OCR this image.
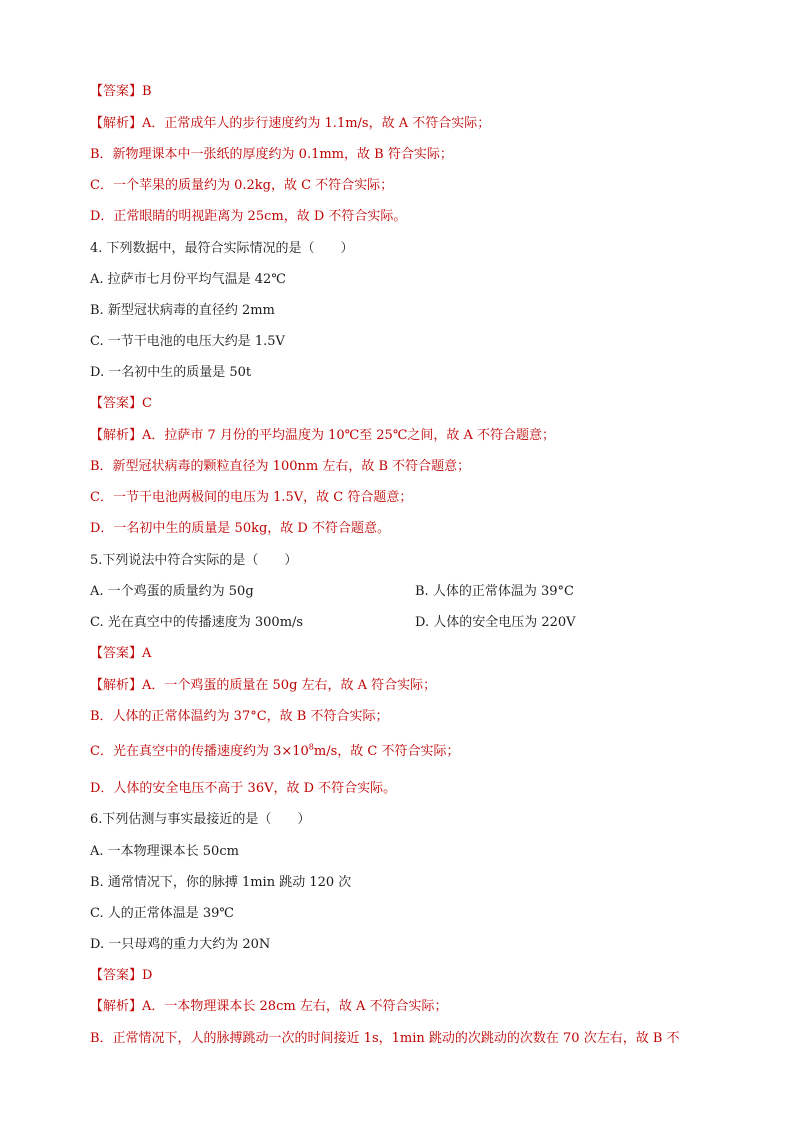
【答案】B
【解析】A．正常成年人的步行速度约为 1.1m/s，故 A 不符合实际；
B．新物理课本中一张纸的厚度约为 0.1mm，故 B 符合实际；
C．一个苹果的质量约为 0.2kg，故 C 不符合实际；
D．正常眼睛的明视距离为 25cm，故 D 不符合实际。
4. 下列数据中，最符合实际情况的是（　　）
A. 拉萨市七月份平均气温是 42℃
B. 新型冠状病毒的直径约 2mm
C. 一节干电池的电压大约是 1.5V
D. 一名初中生的质量是 50t
【答案】C
【解析】A．拉萨市 7 月份的平均温度为 10℃至 25℃之间，故 A 不符合题意；
B．新型冠状病毒的颗粒直径为 100nm 左右，故 B 不符合题意；
C．一节干电池两极间的电压为 1.5V，故 C 符合题意；
D．一名初中生的质量是 50kg，故 D 不符合题意。
5.下列说法中符合实际的是（　　）
A. 一个鸡蛋的质量约为 50g	B. 人体的正常体温为 39°C
C. 光在真空中的传播速度为 300m/s	D. 人体的安全电压为 220V
【答案】A
【解析】A．一个鸡蛋的质量在 50g 左右，故 A 符合实际；
B．人体的正常体温约为 37°C，故 B 不符合实际；
C．光在真空中的传播速度约为 $3\times 10^8m/s$，故 C 不符合实际；
D．人体的安全电压不高于 36V，故 D 不符合实际。
6.下列估测与事实最接近的是（　　）
A. 一本物理课本长 50cm
B. 通常情况下，你的脉搏 1min 跳动 120 次
C. 人的正常体温是 39℃
D. 一只母鸡的重力大约为 20N
【答案】D
【解析】A．一本物理课本长 28cm 左右，故 A 不符合实际；
B．正常情况下，人的脉搏跳动一次的时间接近 1s，1min 跳动的次跳动的次数在 70 次左右，故 B 不
